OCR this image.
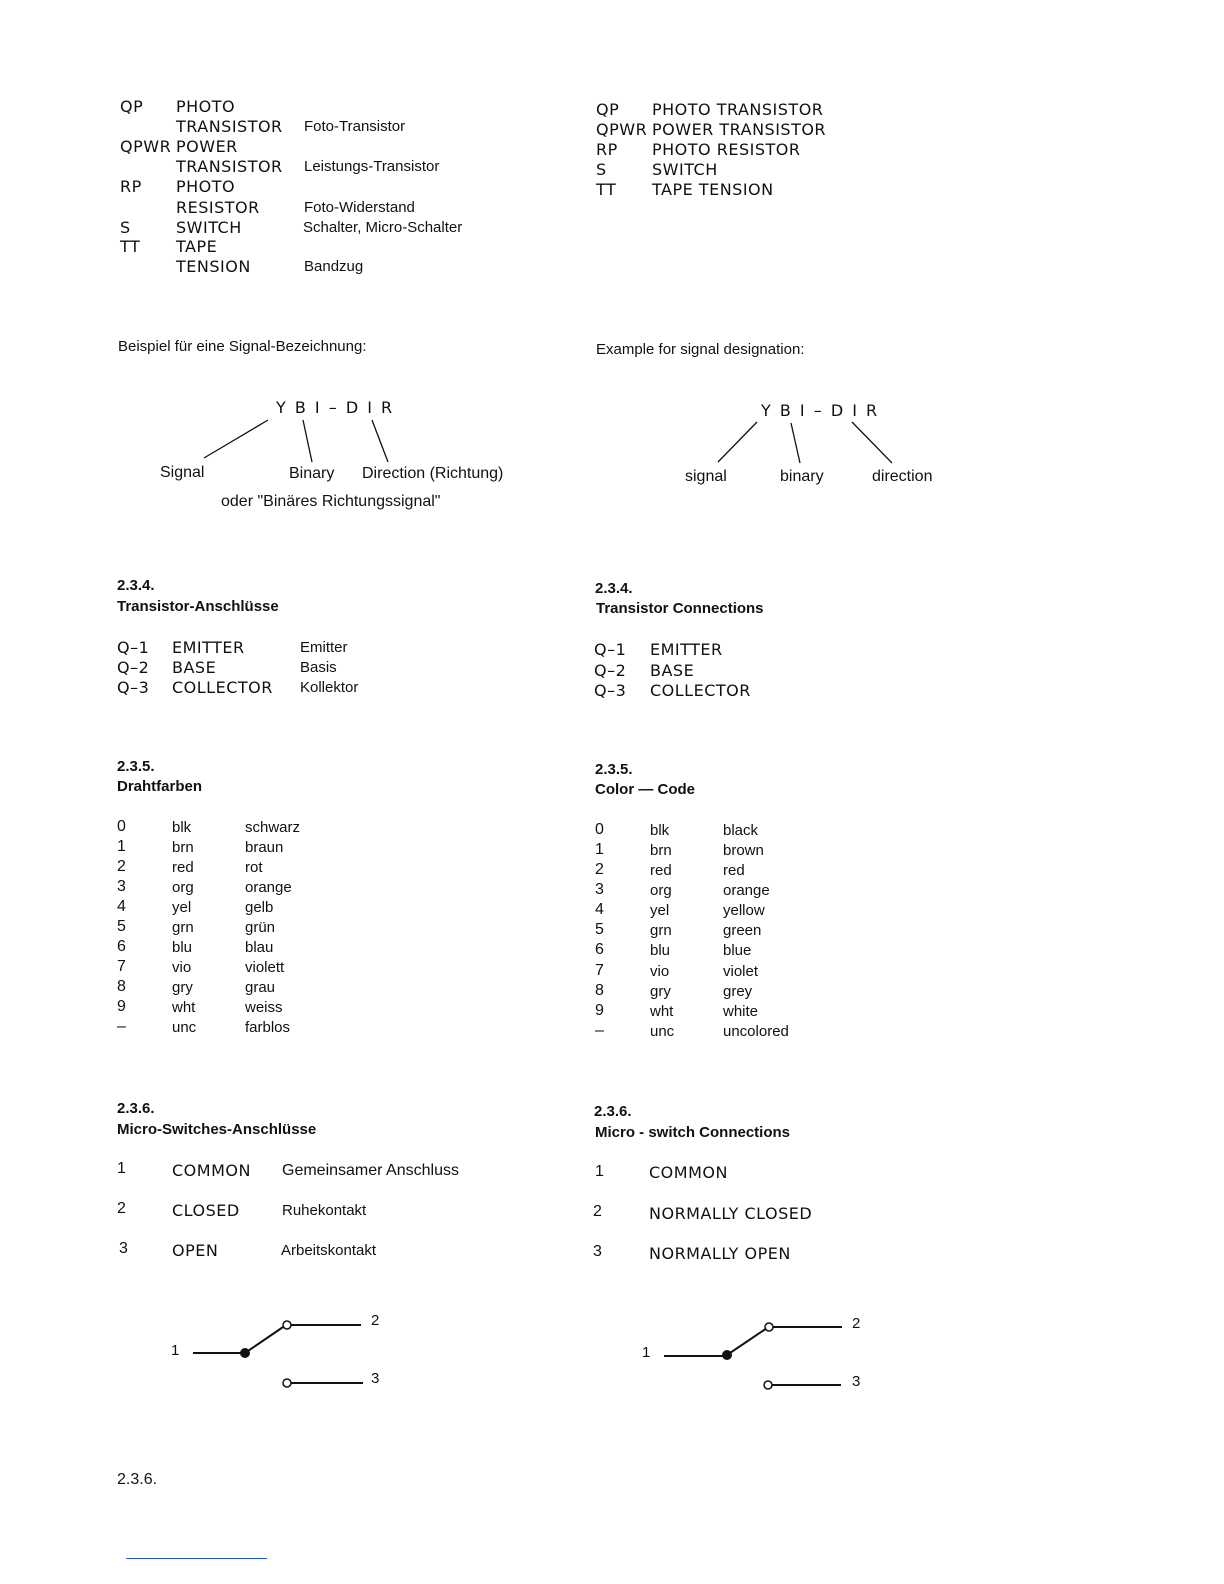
QP PHOTO
TRANSISTOR Foto-Transistor
QPWR POWER
TRANSISTOR Leistungs-Transistor
RP PHOTO
RESISTOR	Foto-Widerstand
S	SWITCH	Schalter, Micro-Schalter
TT TAPE
TENSION	Bandzug
QP PHOTO TRANSISTOR
QPWR POWER TRANSISTOR
RP PHOTO RESISTOR
S	SWITCH
TT TAPE TENSION
Beispiel für eine Signal-Bezeichnung:
Y B I – D I R
Signal	Binary Direction (Richtung)
oder "Binäres Richtungssignal"
Example for signal designation:
Y B I – D I R
signal	binary	direction
2.3.4.
Transistor-Anschlüsse
Q–1 EMITTER	Emitter
Q–2 BASE	Basis
Q–3 COLLECTOR Kollektor
2.3.4.
Transistor Connections
Q–1 EMITTER
Q–2 BASE
Q–3 COLLECTOR
2.3.5.
Drahtfarben
0	blk	schwarz
1	brn	braun
2	red	rot
3	org	orange
4	yel	gelb
5	grn	grün
6	blu	blau
7	vio	violett
8	gry	grau
9	wht	weiss
–	unc	farblos
2.3.5.
Color — Code
0	blk	black
1	brn	brown
2	red	red
3	org	orange
4	yel	yellow
5	grn	green
6	blu	blue
7	vio	violet
8	gry	grey
9	wht	white
–	unc	uncolored
2.3.6.
Micro-Switches-Anschlüsse
1	COMMON Gemeinsamer Anschluss
2	CLOSED	Ruhekontakt
3	OPEN	Arbeitskontakt
1
2
3
2.3.6.
Micro - switch Connections
1	COMMON
2	NORMALLY CLOSED
3	NORMALLY OPEN
1
2
3
2.3.6.
